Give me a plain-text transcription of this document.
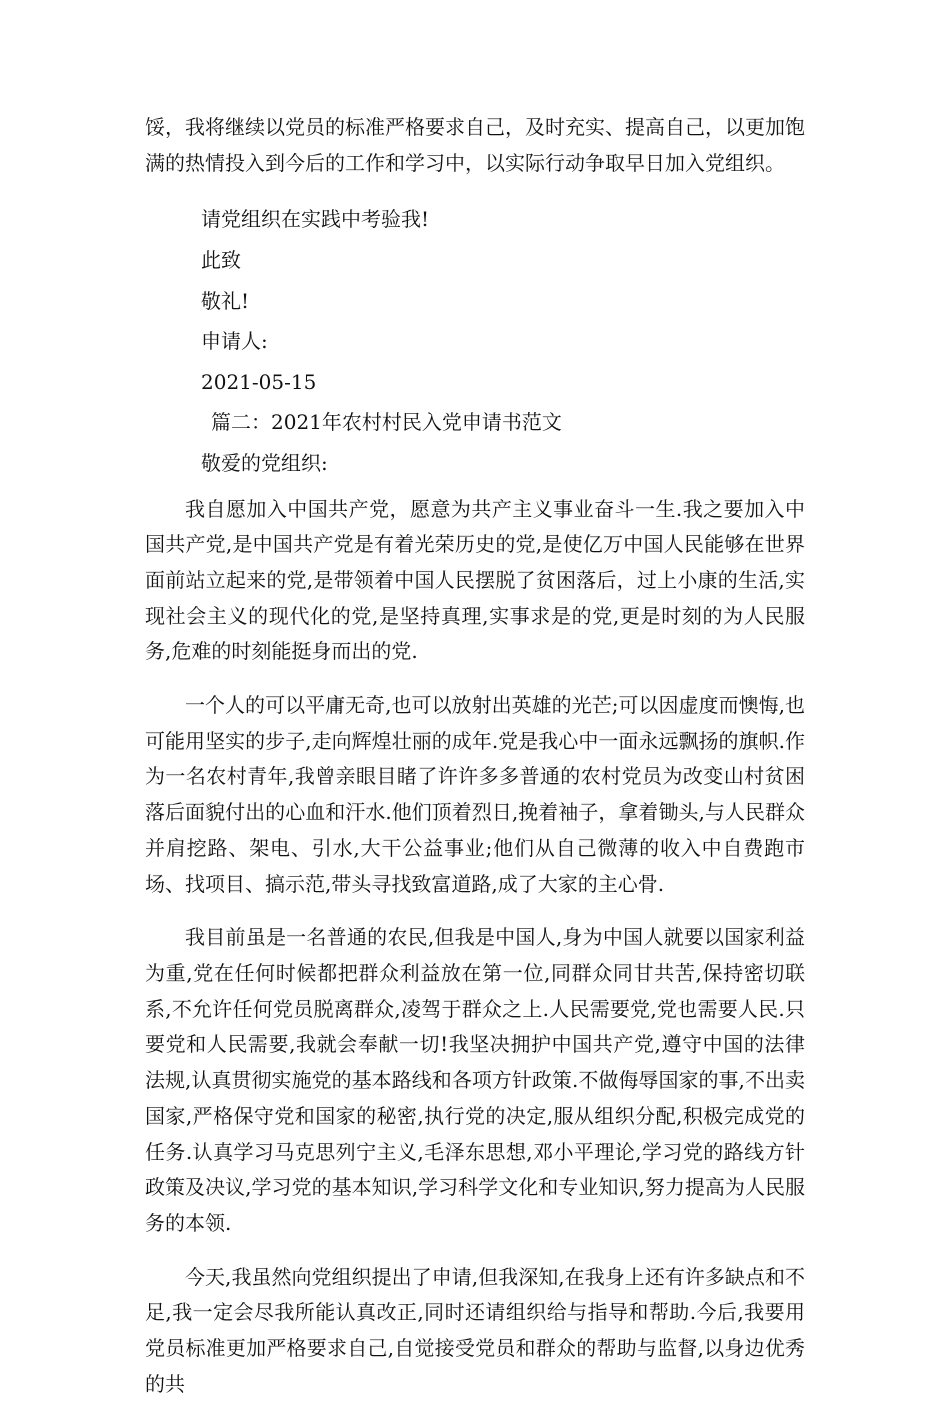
馁，我将继续以党员的标准严格要求自己，及时充实、提高自己，以更加饱满的热情投入到今后的工作和学习中，以实际行动争取早日加入党组织。

请党组织在实践中考验我!

此致

敬礼!

申请人:

2021-05-15

篇二：2021年农村村民入党申请书范文

敬爱的党组织:

我自愿加入中国共产党，愿意为共产主义事业奋斗一生.我之要加入中国共产党,是中国共产党是有着光荣历史的党,是使亿万中国人民能够在世界面前站立起来的党,是带领着中国人民摆脱了贫困落后，过上小康的生活,实现社会主义的现代化的党,是坚持真理,实事求是的党,更是时刻的为人民服务,危难的时刻能挺身而出的党.

一个人的可以平庸无奇,也可以放射出英雄的光芒;可以因虚度而懊悔,也可能用坚实的步子,走向辉煌壮丽的成年.党是我心中一面永远飘扬的旗帜.作为一名农村青年,我曾亲眼目睹了许许多多普通的农村党员为改变山村贫困落后面貌付出的心血和汗水.他们顶着烈日,挽着袖子，拿着锄头,与人民群众并肩挖路、架电、引水,大干公益事业;他们从自己微薄的收入中自费跑市场、找项目、搞示范,带头寻找致富道路,成了大家的主心骨.

我目前虽是一名普通的农民,但我是中国人,身为中国人就要以国家利益为重,党在任何时候都把群众利益放在第一位,同群众同甘共苦,保持密切联系,不允许任何党员脱离群众,凌驾于群众之上.人民需要党,党也需要人民.只要党和人民需要,我就会奉献一切!我坚决拥护中国共产党,遵守中国的法律法规,认真贯彻实施党的基本路线和各项方针政策.不做侮辱国家的事,不出卖国家,严格保守党和国家的秘密,执行党的决定,服从组织分配,积极完成党的任务.认真学习马克思列宁主义,毛泽东思想,邓小平理论,学习党的路线方针政策及决议,学习党的基本知识,学习科学文化和专业知识,努力提高为人民服务的本领.

今天,我虽然向党组织提出了申请,但我深知,在我身上还有许多缺点和不足,我一定会尽我所能认真改正,同时还请组织给与指导和帮助.今后,我要用党员标准更加严格要求自己,自觉接受党员和群众的帮助与监督,以身边优秀的共
